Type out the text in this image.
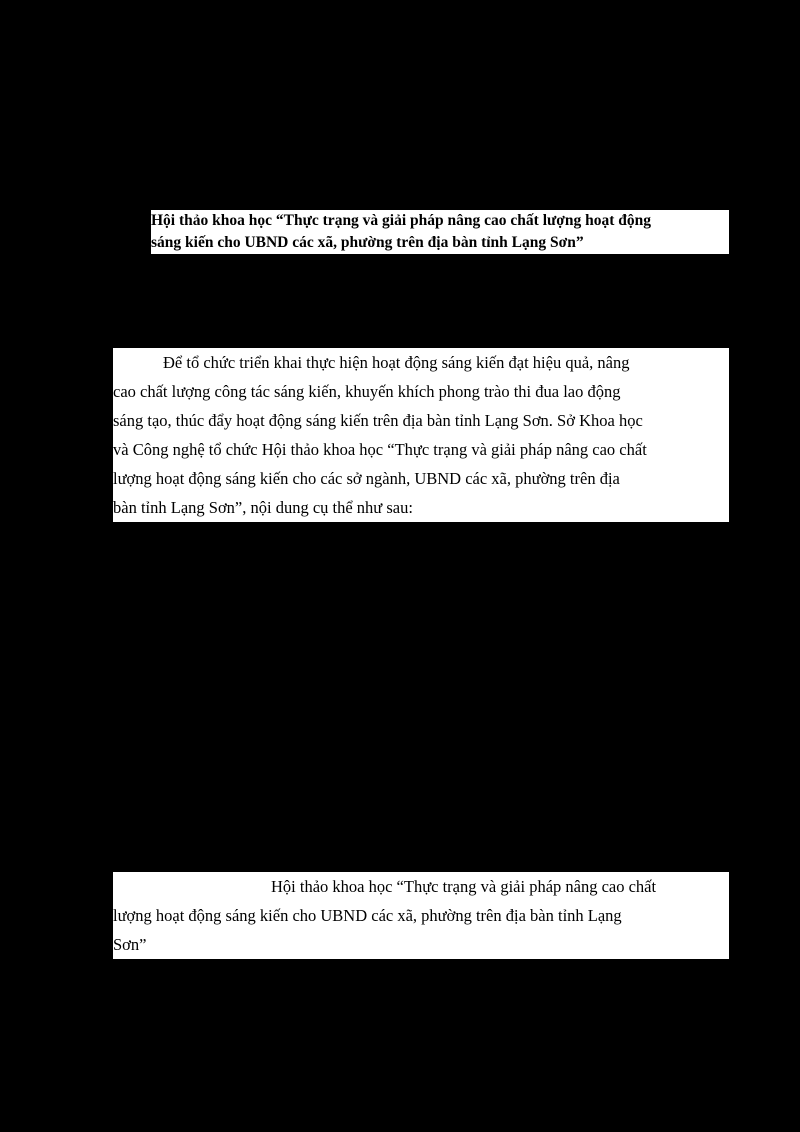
Hội thảo khoa học “Thực trạng và giải pháp nâng cao chất lượng hoạt động
sáng kiến cho UBND các xã, phường trên địa bàn tỉnh Lạng Sơn”
Để tổ chức triển khai thực hiện hoạt động sáng kiến đạt hiệu quả, nâng
cao chất lượng công tác sáng kiến, khuyến khích phong trào thi đua lao động
sáng tạo, thúc đẩy hoạt động sáng kiến trên địa bàn tỉnh Lạng Sơn. Sở Khoa học
và Công nghệ tổ chức Hội thảo khoa học “Thực trạng và giải pháp nâng cao chất
lượng hoạt động sáng kiến cho các sở ngành, UBND các xã, phường trên địa
bàn tỉnh Lạng Sơn”, nội dung cụ thể như sau:
Hội thảo khoa học “Thực trạng và giải pháp nâng cao chất
lượng hoạt động sáng kiến cho UBND các xã, phường trên địa bàn tỉnh Lạng
Sơn”
